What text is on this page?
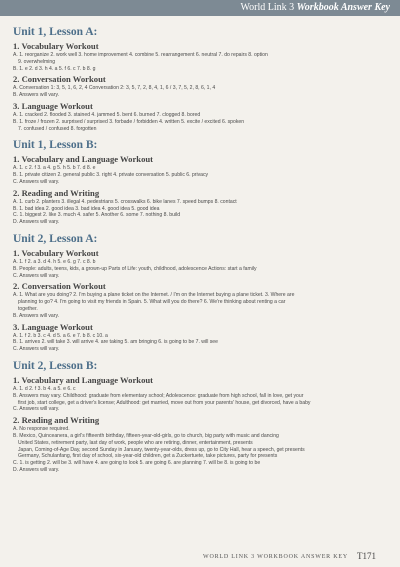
World Link 3 Workbook Answer Key
Unit 1, Lesson A:
1. Vocabulary Workout
A. 1. reorganize 2. work well 3. home improvement 4. combine 5. rearrangement 6. neutral 7. do repairs 8. option
9. overwhelming
B. 1. e 2. d 3. h 4. a 5. f 6. c 7. b 8. g
2. Conversation Workout
A. Conversation 1: 3, 5, 1, 6, 2, 4 Conversation 2: 3, 5, 7, 2, 8, 4, 1, 6 / 3, 7, 5, 2, 8, 6, 1, 4
B. Answers will vary.
3. Language Workout
A. 1. cracked 2. flooded 3. stained 4. jammed 5. bent 6. burned 7. clogged 8. bored
B. 1. froze / frozen 2. surprised / surprised 3. forbade / forbidden 4. written 5. excite / excited 6. spoken
7. confused / confused 8. forgotten
Unit 1, Lesson B:
1. Vocabulary and Language Workout
A. 1. c 2. f 3. a 4. g 5. h 5. b 7. d 8. e
B. 1. private citizen 2. general public 3. right 4. private conversation 5. public 6. privacy
C. Answers will vary.
2. Reading and Writing
A. 1. curb 2. planters 3. illegal 4. pedestrians 5. crosswalks 6. bike lanes 7. speed bumps 8. contact
B. 1. bad idea 2. good idea 3. bad idea 4. good idea 5. good idea
C. 1. biggest 2. like 3. much 4. safer 5. Another 6. some 7. nothing 8. build
D. Answers will vary.
Unit 2, Lesson A:
1. Vocabulary Workout
A. 1. f 2. a 3. d 4. h 5. e 6. g 7. c 8. b
B. People: adults, teens, kids, a grown-up Parts of Life: youth, childhood, adolescence Actions: start a family
C. Answers will vary.
2. Conversation Workout
A. 1. What are you doing? 2. I'm buying a plane ticket on the Internet. / I'm on the Internet buying a plane ticket. 3. Where are
planning to go? 4. I'm going to visit my friends in Spain. 5. What will you do there? 6. We're thinking about renting a car
together.
B. Answers will vary.
3. Language Workout
A. 1. f 2. b 3. c 4. d 5. a 6. e 7. b 8. c 10. a
B. 1. arrives 2. will take 3. will arrive 4. are taking 5. am bringing 6. is going to be 7. will see
C. Answers will vary.
Unit 2, Lesson B:
1. Vocabulary and Language Workout
A. 1. d 2. f 3. b 4. a 5. e 6. c
B. Answers may vary. Childhood: graduate from elementary school; Adolescence: graduate from high school, fall in love, get your
first job, start college, get a driver's license; Adulthood: get married, move out from your parents' house, get divorced, have a baby
C. Answers will vary.
2. Reading and Writing
A. No response required.
B. Mexico, Quinceanera, a girl's fifteenth birthday, fifteen-year-old-girls, go to church, big party with music and dancing
United States, retirement party, last day of work, people who are retiring, dinner, entertainment, presents
Japan, Coming-of-Age Day, second Sunday in January, twenty-year-olds, dress up, go to City Hall, hear a speech, get presents
Germany, Schulanfang, first day of school, six-year-old children, get a Zuckertuete, take pictures, party for presents
C. 1. is getting 2. will be 3. will have 4. are going to look 5. are going 6. are planning 7. will be 8. is going to be
D. Answers will vary.
WORLD LINK 3 WORKBOOK ANSWER KEY T171
